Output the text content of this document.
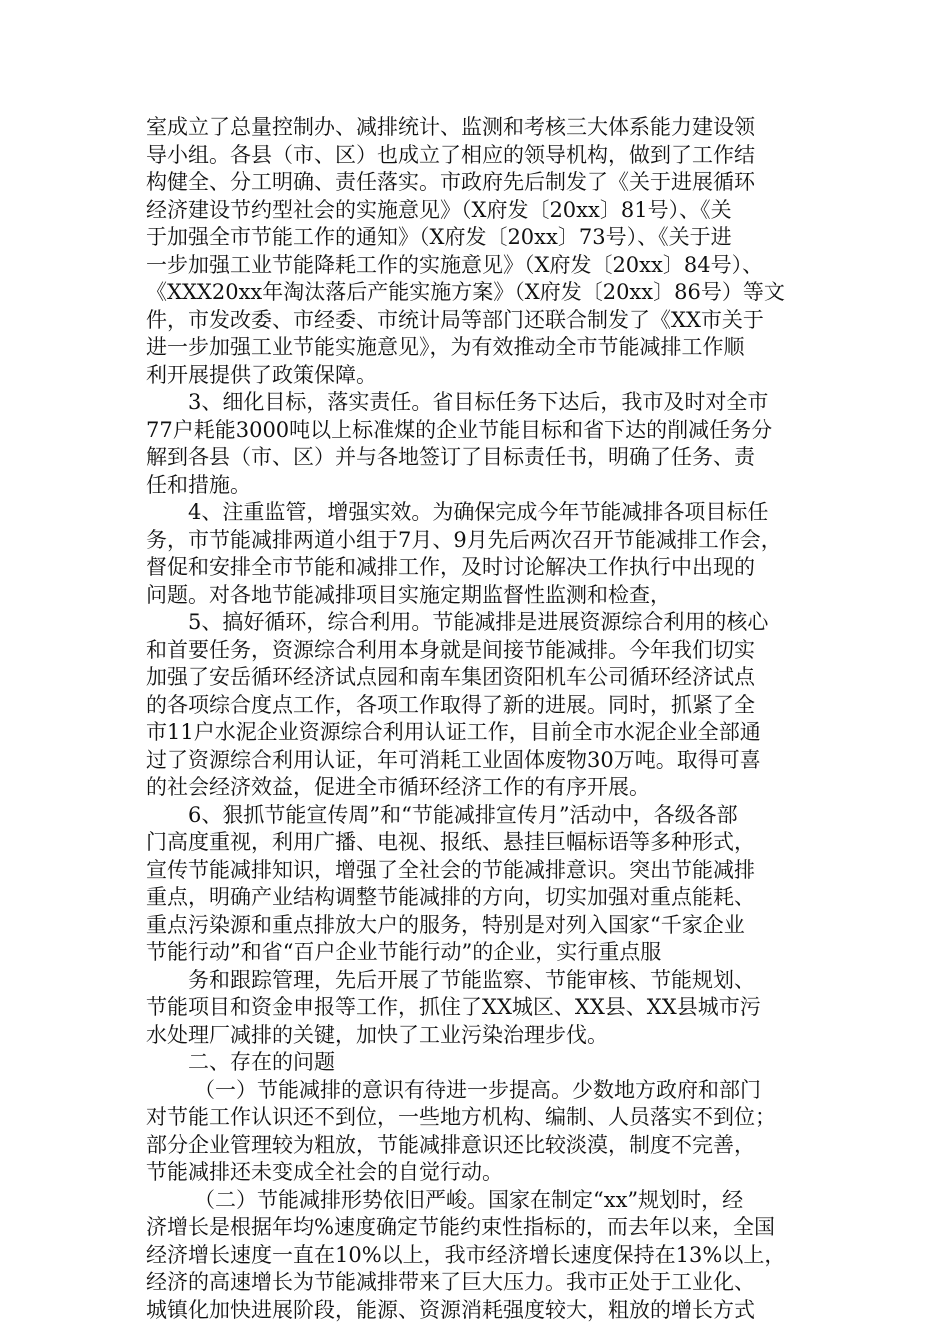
室成立了总量控制办、减排统计、监测和考核三大体系能力建设领
导小组。各县（市、区）也成立了相应的领导机构，做到了工作结
构健全、分工明确、责任落实。市政府先后制发了《关于进展循环
经济建设节约型社会的实施意见》（X府发〔20xx〕81号）、《关
于加强全市节能工作的通知》（X府发〔20xx〕73号）、《关于进
一步加强工业节能降耗工作的实施意见》（X府发〔20xx〕84号）、
《XXX20xx年淘汰落后产能实施方案》（X府发〔20xx〕86号）等文
件，市发改委、市经委、市统计局等部门还联合制发了《XX市关于
进一步加强工业节能实施意见》，为有效推动全市节能减排工作顺
利开展提供了政策保障。
3、细化目标，落实责任。省目标任务下达后，我市及时对全市
77户耗能3000吨以上标准煤的企业节能目标和省下达的削减任务分
解到各县（市、区）并与各地签订了目标责任书，明确了任务、责
任和措施。
4、注重监管，增强实效。为确保完成今年节能减排各项目标任
务，市节能减排两道小组于7月、9月先后两次召开节能减排工作会，
督促和安排全市节能和减排工作，及时讨论解决工作执行中出现的
问题。对各地节能减排项目实施定期监督性监测和检查，
5、搞好循环，综合利用。节能减排是进展资源综合利用的核心
和首要任务，资源综合利用本身就是间接节能减排。今年我们切实
加强了安岳循环经济试点园和南车集团资阳机车公司循环经济试点
的各项综合度点工作，各项工作取得了新的进展。同时，抓紧了全
市11户水泥企业资源综合利用认证工作，目前全市水泥企业全部通
过了资源综合利用认证，年可消耗工业固体废物30万吨。取得可喜
的社会经济效益，促进全市循环经济工作的有序开展。
6、狠抓节能宣传周”和“节能减排宣传月”活动中，各级各部
门高度重视，利用广播、电视、报纸、悬挂巨幅标语等多种形式，
宣传节能减排知识，增强了全社会的节能减排意识。突出节能减排
重点，明确产业结构调整节能减排的方向，切实加强对重点能耗、
重点污染源和重点排放大户的服务，特别是对列入国家“千家企业
节能行动”和省“百户企业节能行动”的企业，实行重点服
务和跟踪管理，先后开展了节能监察、节能审核、节能规划、
节能项目和资金申报等工作，抓住了XX城区、XX县、XX县城市污
水处理厂减排的关键，加快了工业污染治理步伐。
二、存在的问题
（一）节能减排的意识有待进一步提高。少数地方政府和部门
对节能工作认识还不到位，一些地方机构、编制、人员落实不到位；
部分企业管理较为粗放，节能减排意识还比较淡漠，制度不完善，
节能减排还未变成全社会的自觉行动。
（二）节能减排形势依旧严峻。国家在制定“xx”规划时，经
济增长是根据年均%速度确定节能约束性指标的，而去年以来，全国
经济增长速度一直在10%以上，我市经济增长速度保持在13%以上，
经济的高速增长为节能减排带来了巨大压力。我市正处于工业化、
城镇化加快进展阶段，能源、资源消耗强度较大，粗放的增长方式
